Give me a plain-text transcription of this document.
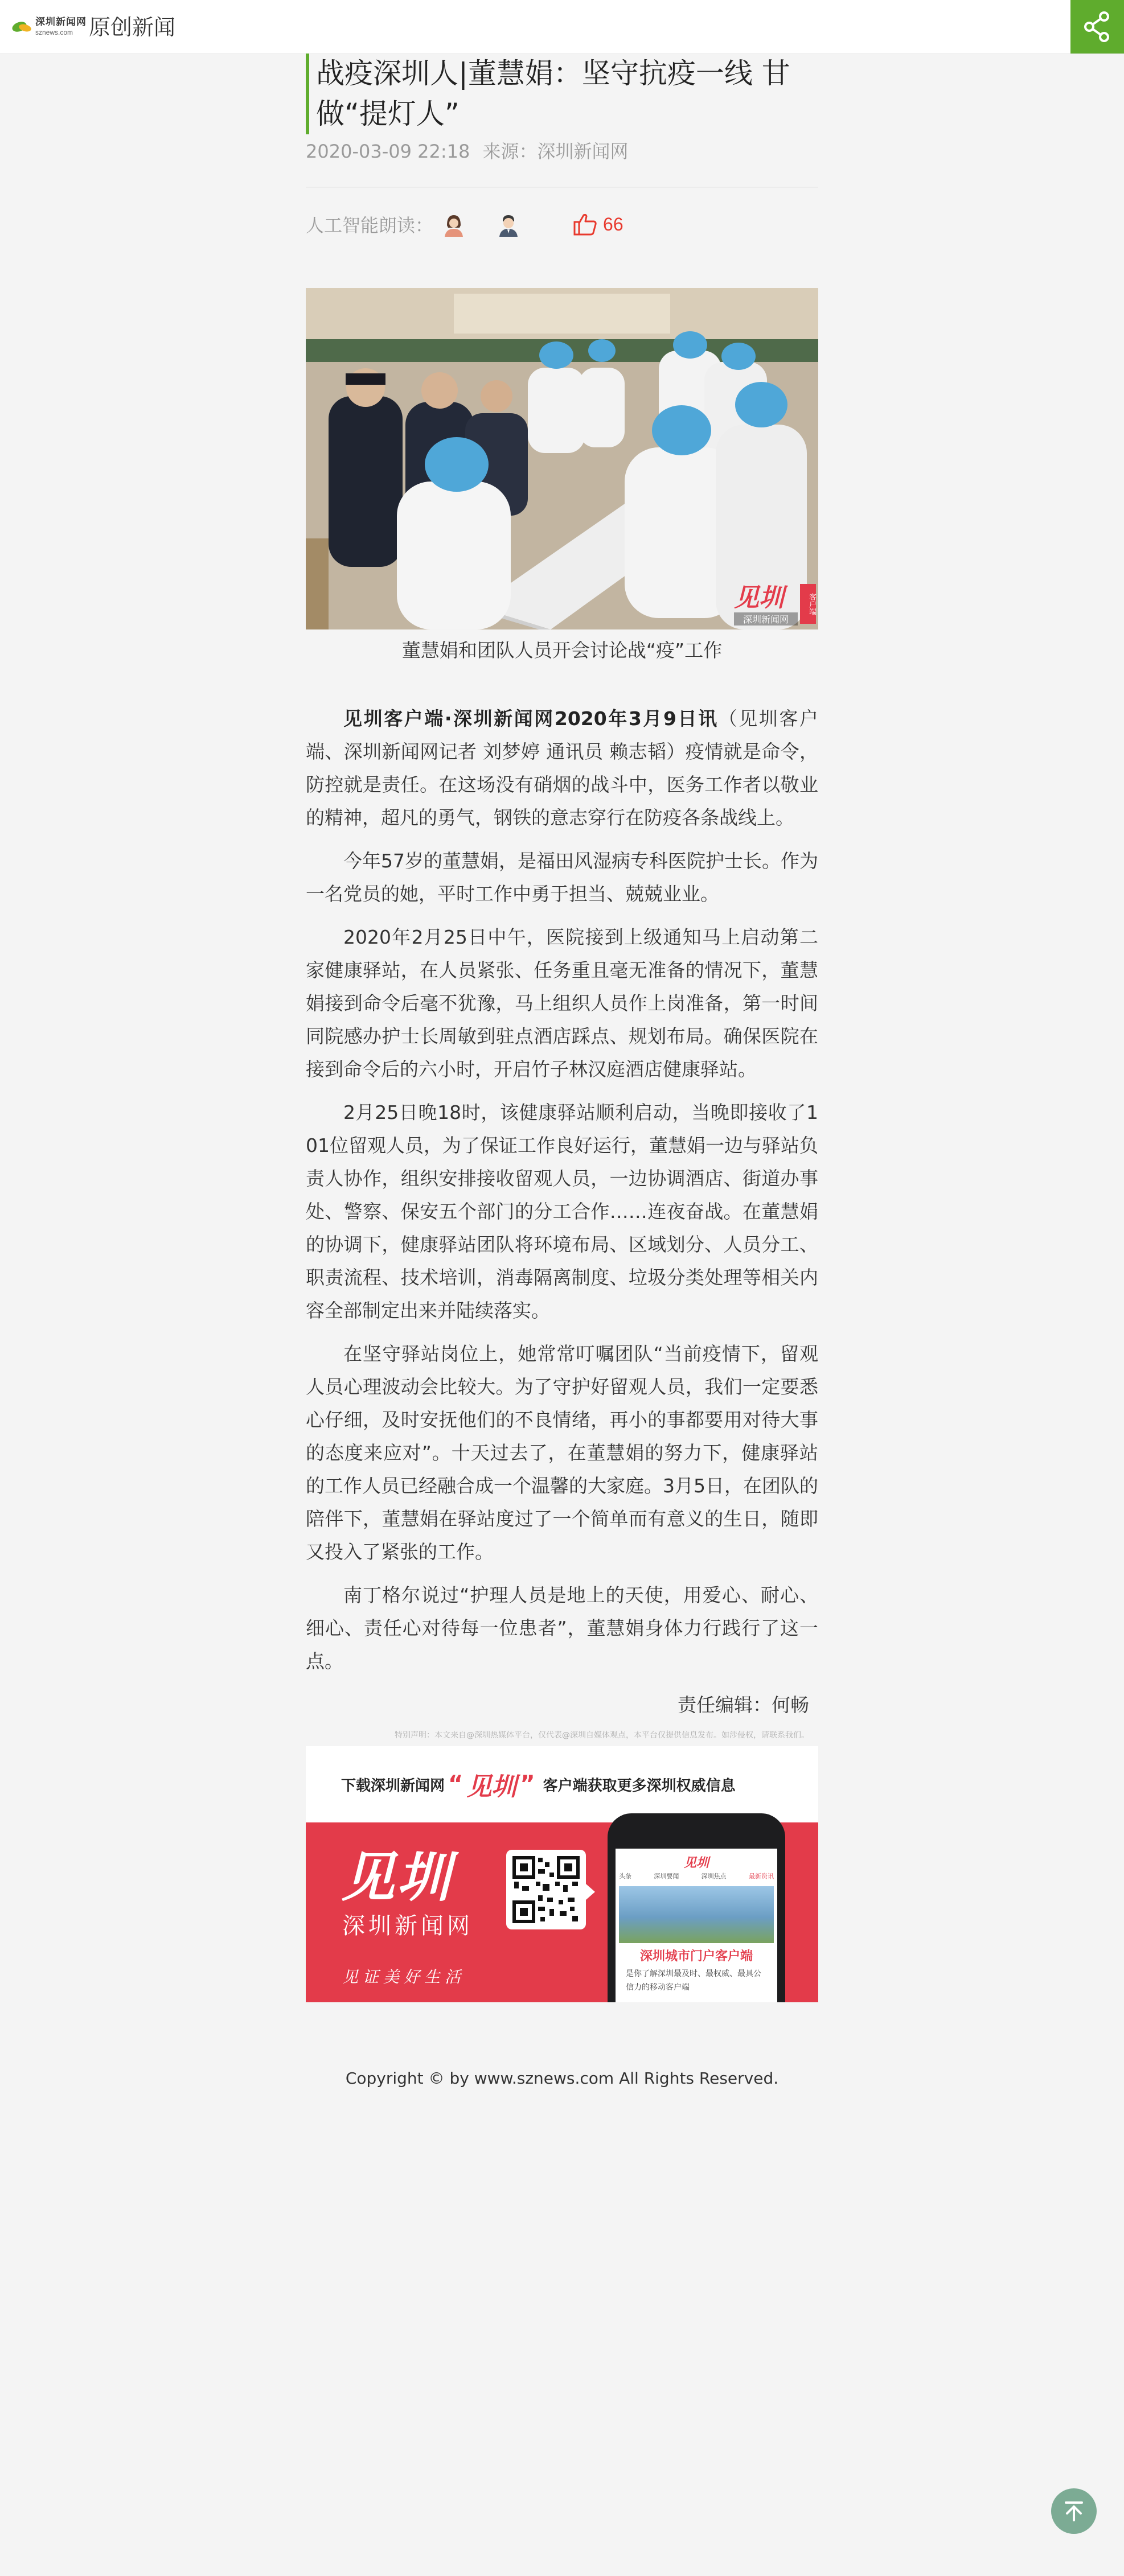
深圳新闻网
sznews.com 原创新闻
战疫深圳人|董慧娟：坚守抗疫一线 甘做“提灯人”
2020-03-09 22:18 来源：深圳新闻网
人工智能朗读：	66
见圳	客户端
深圳新闻网
董慧娟和团队人员开会讨论战“疫”工作

见圳客户端·深圳新闻网2020年3月9日讯（见圳客户端、深圳新闻网记者 刘梦婷 通讯员 赖志韬）疫情就是命令，防控就是责任。在这场没有硝烟的战斗中，医务工作者以敬业的精神，超凡的勇气，钢铁的意志穿行在防疫各条战线上。

今年57岁的董慧娟，是福田风湿病专科医院护士长。作为一名党员的她，平时工作中勇于担当、兢兢业业。

2020年2月25日中午，医院接到上级通知马上启动第二家健康驿站，在人员紧张、任务重且毫无准备的情况下，董慧娟接到命令后毫不犹豫，马上组织人员作上岗准备，第一时间同院感办护士长周敏到驻点酒店踩点、规划布局。确保医院在接到命令后的六小时，开启竹子林汉庭酒店健康驿站。

2月25日晚18时，该健康驿站顺利启动，当晚即接收了101位留观人员，为了保证工作良好运行，董慧娟一边与驿站负责人协作，组织安排接收留观人员，一边协调酒店、街道办事处、警察、保安五个部门的分工合作……连夜奋战。在董慧娟的协调下，健康驿站团队将环境布局、区域划分、人员分工、职责流程、技术培训，消毒隔离制度、垃圾分类处理等相关内容全部制定出来并陆续落实。

在坚守驿站岗位上，她常常叮嘱团队“当前疫情下，留观人员心理波动会比较大。为了守护好留观人员，我们一定要悉心仔细，及时安抚他们的不良情绪，再小的事都要用对待大事的态度来应对”。十天过去了，在董慧娟的努力下，健康驿站的工作人员已经融合成一个温馨的大家庭。3月5日，在团队的陪伴下，董慧娟在驿站度过了一个简单而有意义的生日，随即又投入了紧张的工作。

南丁格尔说过“护理人员是地上的天使，用爱心、耐心、细心、责任心对待每一位患者”，董慧娟身体力行践行了这一点。

责任编辑：何畅
特别声明：本文来自@深圳热媒体平台，仅代表@深圳自媒体观点，本平台仅提供信息发布。如涉侵权，请联系我们。
下载深圳新闻网 “ 见圳 ” 客户端获取更多深圳权威信息
见圳
深圳新闻网
见证美好生活
见圳
头条	深圳要闻	深圳焦点	最新资讯
深圳城市门户客户端
是你了解深圳最及时、最权威、最具公信力的移动客户端
Copyright © by www.sznews.com All Rights Reserved.
